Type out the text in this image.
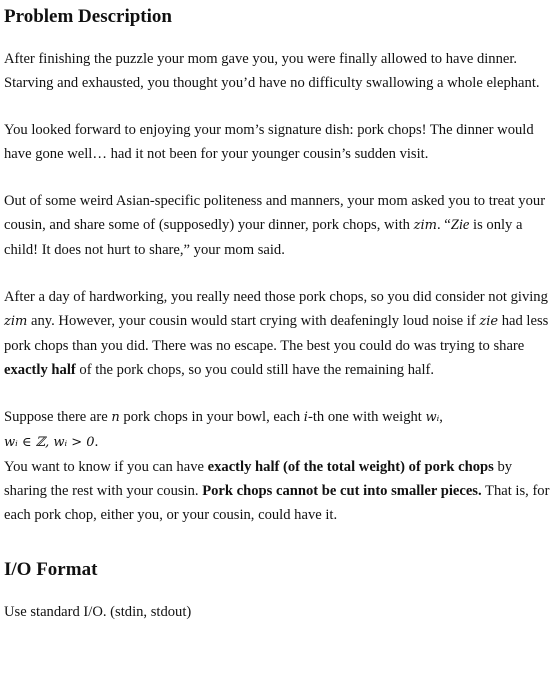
Problem Description

After finishing the puzzle your mom gave you, you were finally allowed to have dinner. Starving and exhausted, you thought you’d have no difficulty swallowing a whole elephant.

You looked forward to enjoying your mom’s signature dish: pork chops! The dinner would have gone well… had it not been for your younger cousin’s sudden visit.

Out of some weird Asian-specific politeness and manners, your mom asked you to treat your cousin, and share some of (supposedly) your dinner, pork chops, with zim. “Zie is only a child! It does not hurt to share,” your mom said.

After a day of hardworking, you really need those pork chops, so you did consider not giving zim any. However, your cousin would start crying with deafeningly loud noise if zie had less pork chops than you did. There was no escape. The best you could do was trying to share exactly half of the pork chops, so you could still have the remaining half.

Suppose there are n pork chops in your bowl, each i-th one with weight wᵢ,
wᵢ ∈ ℤ, wᵢ > 0.
You want to know if you can have exactly half (of the total weight) of pork chops by sharing the rest with your cousin. Pork chops cannot be cut into smaller pieces. That is, for each pork chop, either you, or your cousin, could have it.

I/O Format

Use standard I/O. (stdin, stdout)
